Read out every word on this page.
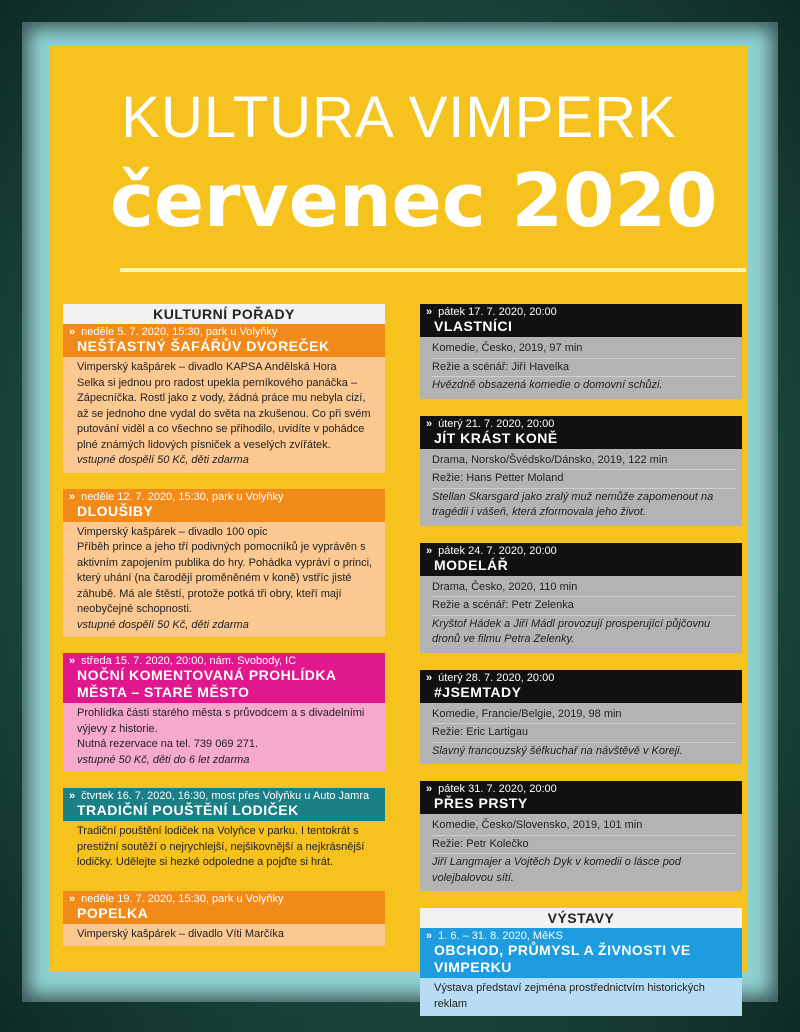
KULTURA VIMPERK
červenec 2020
KULTURNÍ POŘADY
» neděle 5. 7. 2020, 15:30, park u Volyňky
NEŠŤASTNÝ ŠAFÁŘŮV DVOREČEK

Vimperský kašpárek – divadlo KAPSA Andělská Hora

Selka si jednou pro radost upekla perníkového panáčka – Zápecníčka. Rostl jako z vody, žádná práce mu nebyla cizí, až se jednoho dne vydal do světa na zkušenou. Co při svém putování viděl a co všechno se přihodilo, uvidíte v pohádce plné známých lidových písniček a veselých zvířátek.

vstupné dospělí 50 Kč, děti zdarma

» neděle 12. 7. 2020, 15:30, park u Volyňky
DLOUŠIBY

Vimperský kašpárek – divadlo 100 opic

Příběh prince a jeho tří podivných pomocníků je vyprávěn s aktivním zapojením publika do hry. Pohádka vypráví o princi, který uhání (na čarodějí proměněném v koně) vstříc jisté záhubě. Má ale štěstí, protože potká tři obry, kteří mají neobyčejné schopnosti.

vstupné dospělí 50 Kč, děti zdarma

» středa 15. 7. 2020, 20:00, nám. Svobody, IC
NOČNÍ KOMENTOVANÁ PROHLÍDKA MĚSTA – STARÉ MĚSTO

Prohlídka části starého města s průvodcem a s divadelními výjevy z historie.

Nutná rezervace na tel. 739 069 271.

vstupné 50 Kč, děti do 6 let zdarma

» čtvrtek 16. 7. 2020, 16:30, most přes Volyňku u Auto Jamra
TRADIČNÍ POUŠTĚNÍ LODIČEK

Tradiční pouštění lodiček na Volyňce v parku. I tentokrát s prestižní soutěží o nejrychlejší, nejšikovnější a nejkrásnější lodičky. Udělejte si hezké odpoledne a pojďte si hrát.

» neděle 19. 7. 2020, 15:30, park u Volyňky
POPELKA

Vimperský kašpárek – divadlo Víti Marčíka

» pátek 17. 7. 2020, 20:00
VLASTNÍCI

Komedie, Česko, 2019, 97 min

Režie a scénář: Jiří Havelka

Hvězdně obsazená komedie o domovní schůzi.

» úterý 21. 7. 2020, 20:00
JÍT KRÁST KONĚ

Drama, Norsko/Švédsko/Dánsko, 2019, 122 min

Režie: Hans Petter Moland

Stellan Skarsgard jako zralý muž nemůže zapomenout na tragédii i vášeň, která zformovala jeho život.

» pátek 24. 7. 2020, 20:00
MODELÁŘ

Drama, Česko, 2020, 110 min

Režie a scénář: Petr Zelenka

Kryštof Hádek a Jiří Mádl provozují prosperující půjčovnu dronů ve filmu Petra Zelenky.

» úterý 28. 7. 2020, 20:00
#JSEMTADY

Komedie, Francie/Belgie, 2019, 98 min

Režie: Eric Lartigau

Slavný francouzský šéfkuchař na návštěvě v Koreji.

» pátek 31. 7. 2020, 20:00
PŘES PRSTY

Komedie, Česko/Slovensko, 2019, 101 min

Režie: Petr Kolečko

Jiří Langmajer a Vojtěch Dyk v komedii o lásce pod volejbalovou sítí.

VÝSTAVY
» 1. 6. – 31. 8. 2020, MěKS
OBCHOD, PRŮMYSL A ŽIVNOSTI VE VIMPERKU

Výstava představí zejména prostřednictvím historických reklam
